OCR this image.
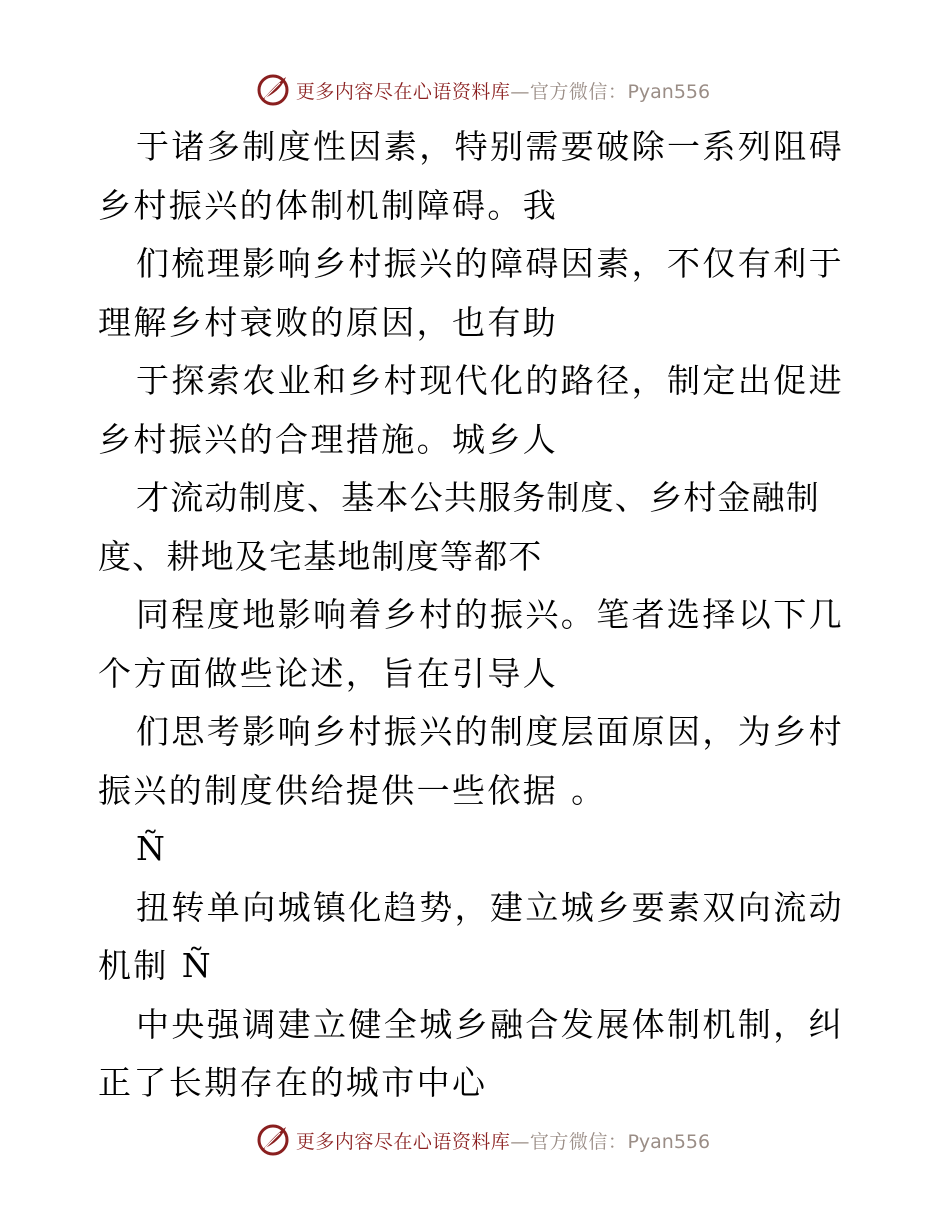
更多内容尽在心语资料库—官方微信：Pyan556

于诸多制度性因素，特别需要破除一系列阻碍乡村振兴的体制机制障碍。我

们梳理影响乡村振兴的障碍因素，不仅有利于理解乡村衰败的原因，也有助

于探索农业和乡村现代化的路径，制定出促进乡村振兴的合理措施。城乡人

才流动制度、基本公共服务制度、乡村金融制度、耕地及宅基地制度等都不

同程度地影响着乡村的振兴。笔者选择以下几个方面做些论述，旨在引导人

们思考影响乡村振兴的制度层面原因，为乡村振兴的制度供给提供一些依据 。

Ñ

扭转单向城镇化趋势，建立城乡要素双向流动机制 Ñ

中央强调建立健全城乡融合发展体制机制，纠正了长期存在的城市中心

更多内容尽在心语资料库—官方微信：Pyan556
